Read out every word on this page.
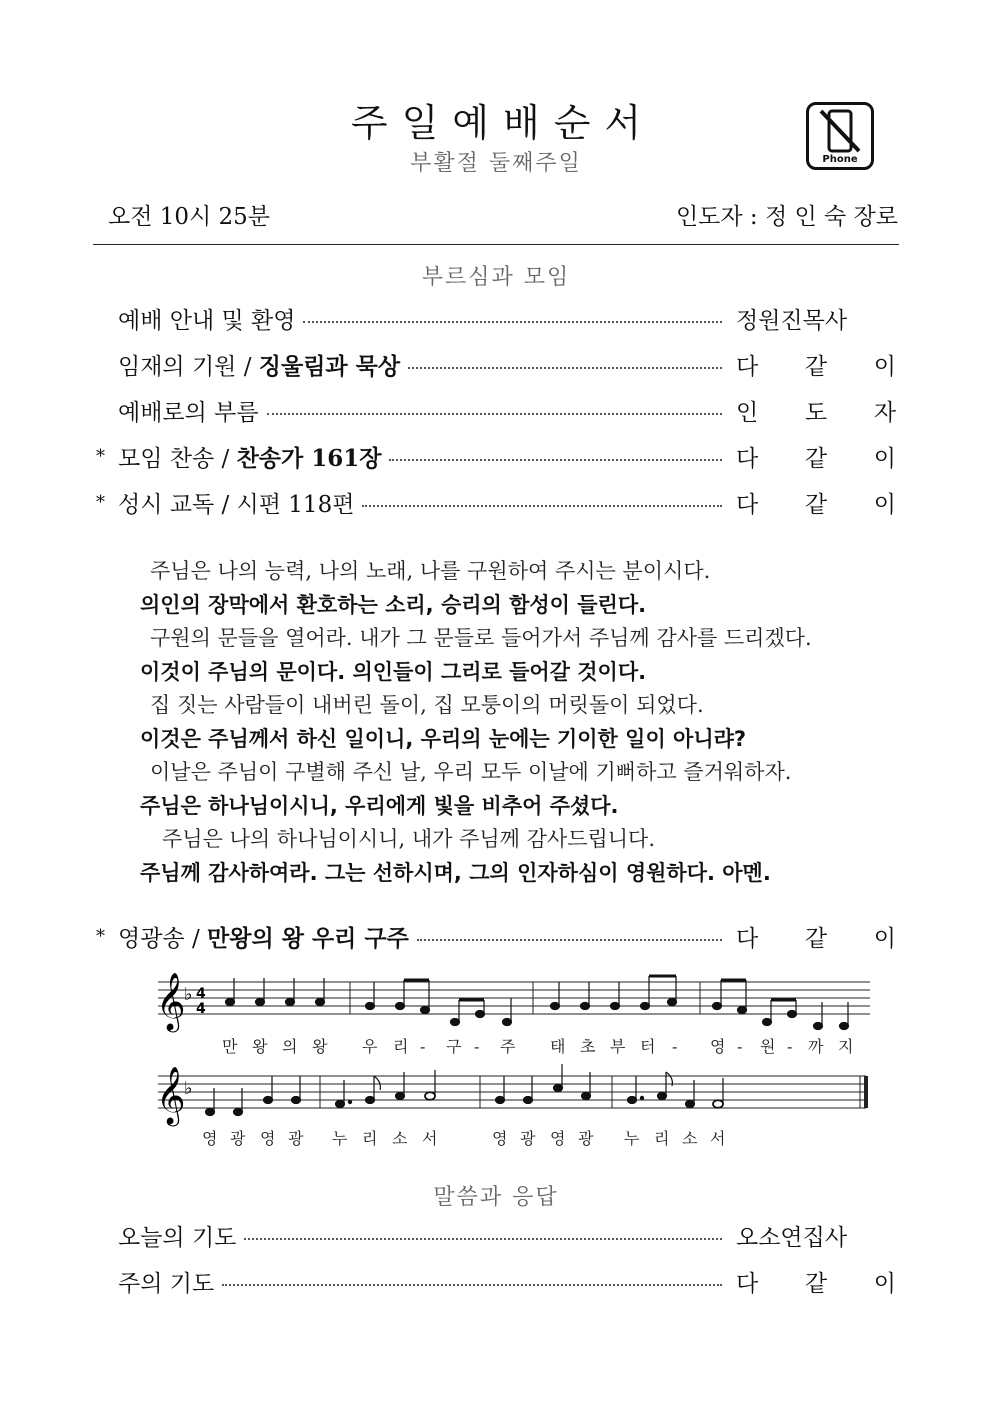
주일예배순서
부활절 둘째주일	Phone
오전 10시 25분	인도자 : 정 인 숙 장로
부르심과 모임
예배 안내 및 환영	정원진목사
임재의 기원 / 징울림과 묵상	다 같 이
예배로의 부름	인 도 자
* 모임 찬송 / 찬송가 161장	다 같 이
* 성시 교독 / 시편 118편	다 같 이
주님은 나의 능력, 나의 노래, 나를 구원하여 주시는 분이시다.
의인의 장막에서 환호하는 소리, 승리의 함성이 들린다.
구원의 문들을 열어라. 내가 그 문들로 들어가서 주님께 감사를 드리겠다.
이것이 주님의 문이다. 의인들이 그리로 들어갈 것이다.
집 짓는 사람들이 내버린 돌이, 집 모퉁이의 머릿돌이 되었다.
이것은 주님께서 하신 일이니, 우리의 눈에는 기이한 일이 아니랴?
이날은 주님이 구별해 주신 날, 우리 모두 이날에 기뻐하고 즐거워하자.
주님은 하나님이시니, 우리에게 빛을 비추어 주셨다.
주님은 나의 하나님이시니, 내가 주님께 감사드립니다.
주님께 감사하여라. 그는 선하시며, 그의 인자하심이 영원하다. 아멘.
* 영광송 / 만왕의 왕 우리 구주	다 같 이
𝄞
♭ 4
4
만 왕 의 왕 우 리 - 구 - 주 태 초 부 터 - 영 - 원 - 까 지
𝄞
♭
영 광 영 광 누 리 소 서	영 광 영 광 누 리 소 서
말씀과 응답
오늘의 기도	오소연집사
주의 기도	다 같 이
